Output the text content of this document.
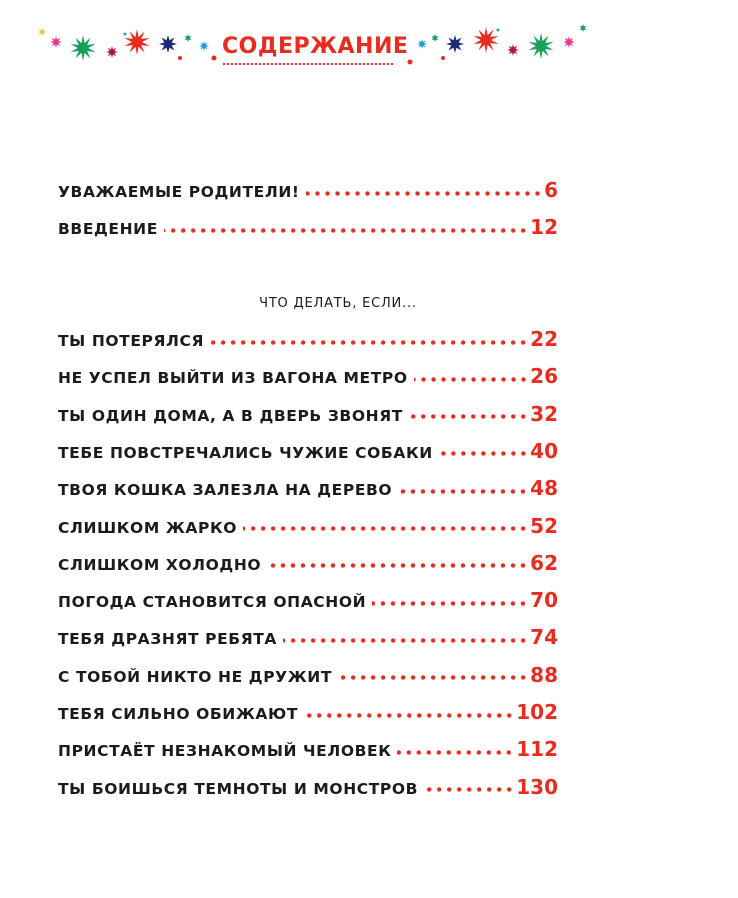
СОДЕРЖАНИЕ
УВАЖАЕМЫЕ РОДИТЕЛИ!	6
ВВЕДЕНИЕ	12
ЧТО ДЕЛАТЬ, ЕСЛИ...
ТЫ ПОТЕРЯЛСЯ	22
НЕ УСПЕЛ ВЫЙТИ ИЗ ВАГОНА МЕТРО	26
ТЫ ОДИН ДОМА, А В ДВЕРЬ ЗВОНЯТ	32
ТЕБЕ ПОВСТРЕЧАЛИСЬ ЧУЖИЕ СОБАКИ	40
ТВОЯ КОШКА ЗАЛЕЗЛА НА ДЕРЕВО	48
СЛИШКОМ ЖАРКО	52
СЛИШКОМ ХОЛОДНО	62
ПОГОДА СТАНОВИТСЯ ОПАСНОЙ	70
ТЕБЯ ДРАЗНЯТ РЕБЯТА	74
С ТОБОЙ НИКТО НЕ ДРУЖИТ	88
ТЕБЯ СИЛЬНО ОБИЖАЮТ	102
ПРИСТАЁТ НЕЗНАКОМЫЙ ЧЕЛОВЕК	112
ТЫ БОИШЬСЯ ТЕМНОТЫ И МОНСТРОВ	130
